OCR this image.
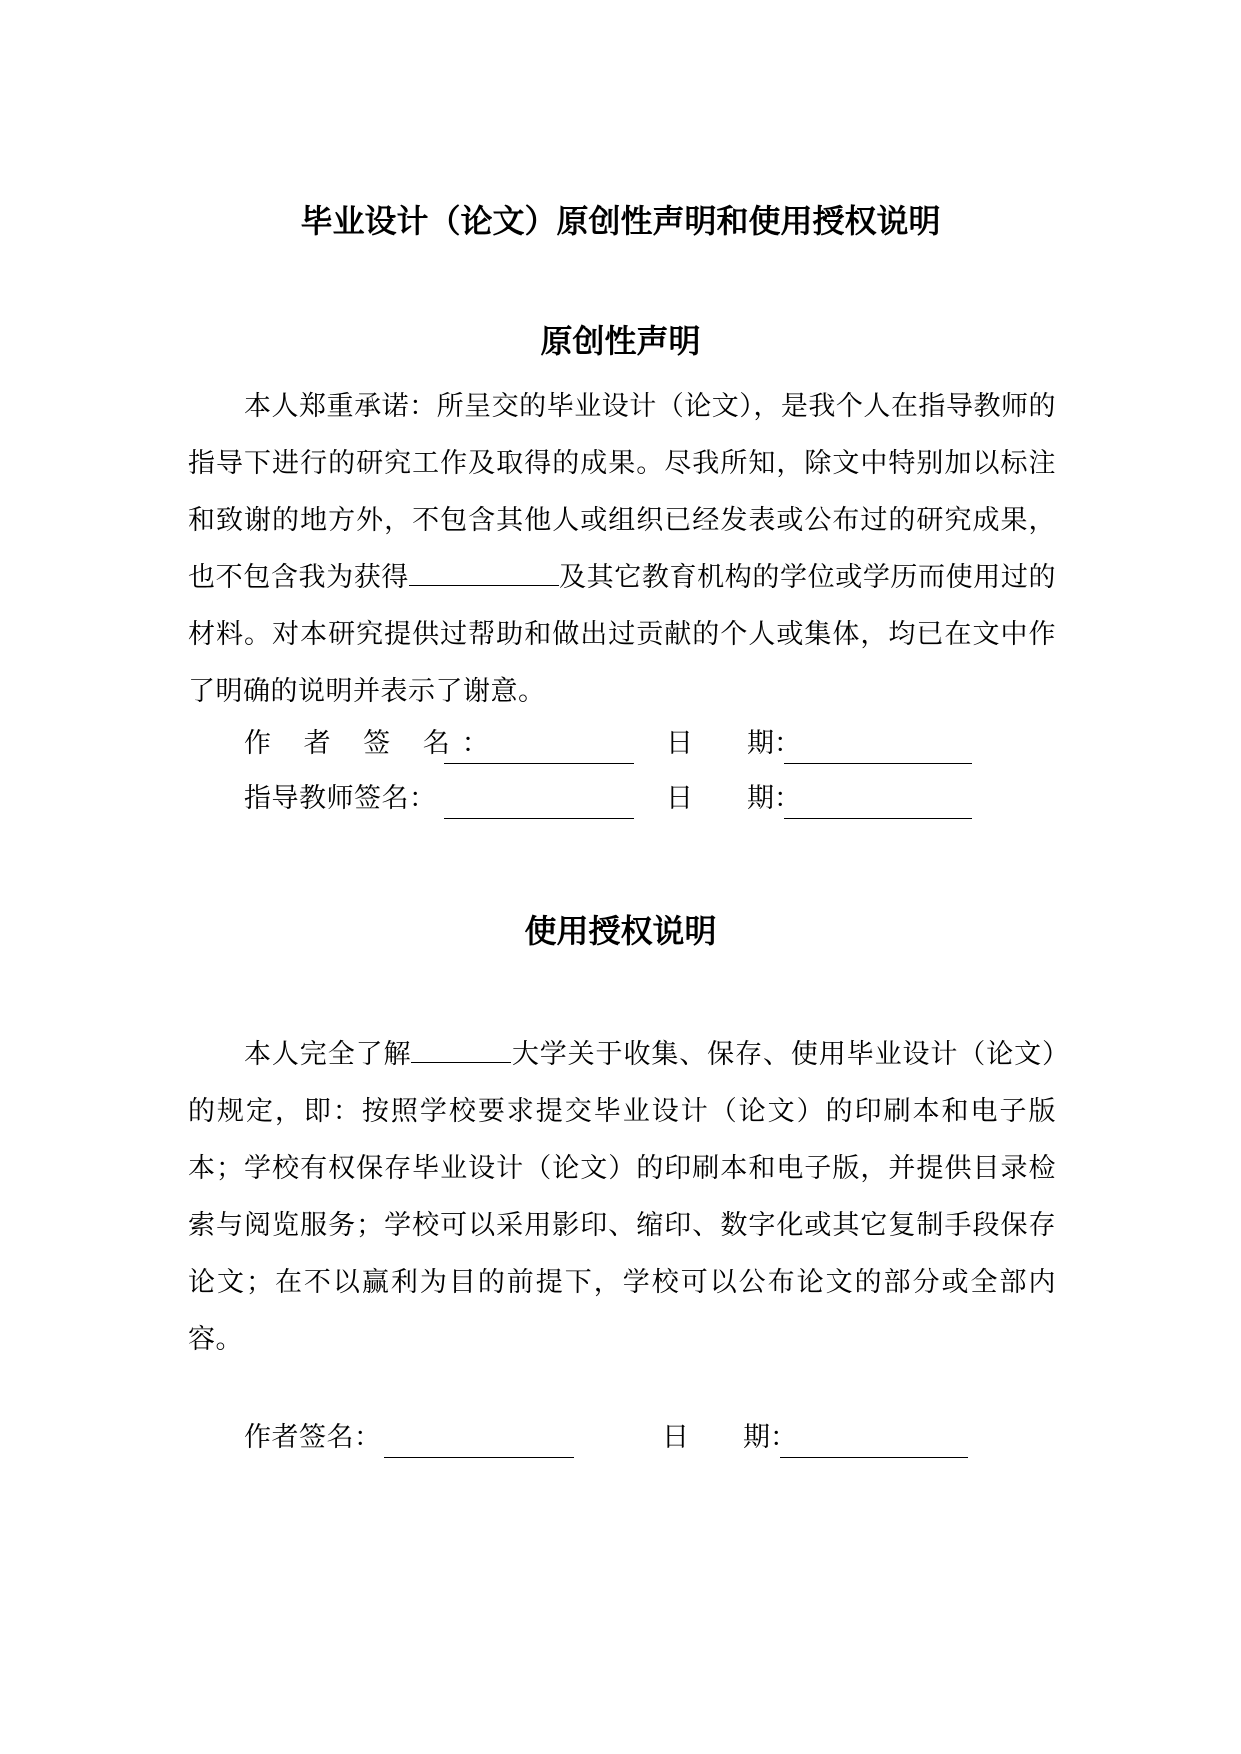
毕业设计（论文）原创性声明和使用授权说明
原创性声明

本人郑重承诺：所呈交的毕业设计（论文），是我个人在指导教师的指导下进行的研究工作及取得的成果。尽我所知，除文中特别加以标注和致谢的地方外，不包含其他人或组织已经发表或公布过的研究成果，也不包含我为获得	及其它教育机构的学位或学历而使用过的材料。对本研究提供过帮助和做出过贡献的个人或集体，均已在文中作了明确的说明并表示了谢意。

作 者 签 名：	日　　期：
指导教师签名：	日　　期：
使用授权说明

本人完全了解	大学关于收集、保存、使用毕业设计（论文）的规定，即：按照学校要求提交毕业设计（论文）的印刷本和电子版本；学校有权保存毕业设计（论文）的印刷本和电子版，并提供目录检索与阅览服务；学校可以采用影印、缩印、数字化或其它复制手段保存论文；在不以赢利为目的前提下，学校可以公布论文的部分或全部内容。

作者签名：	日　　期：
